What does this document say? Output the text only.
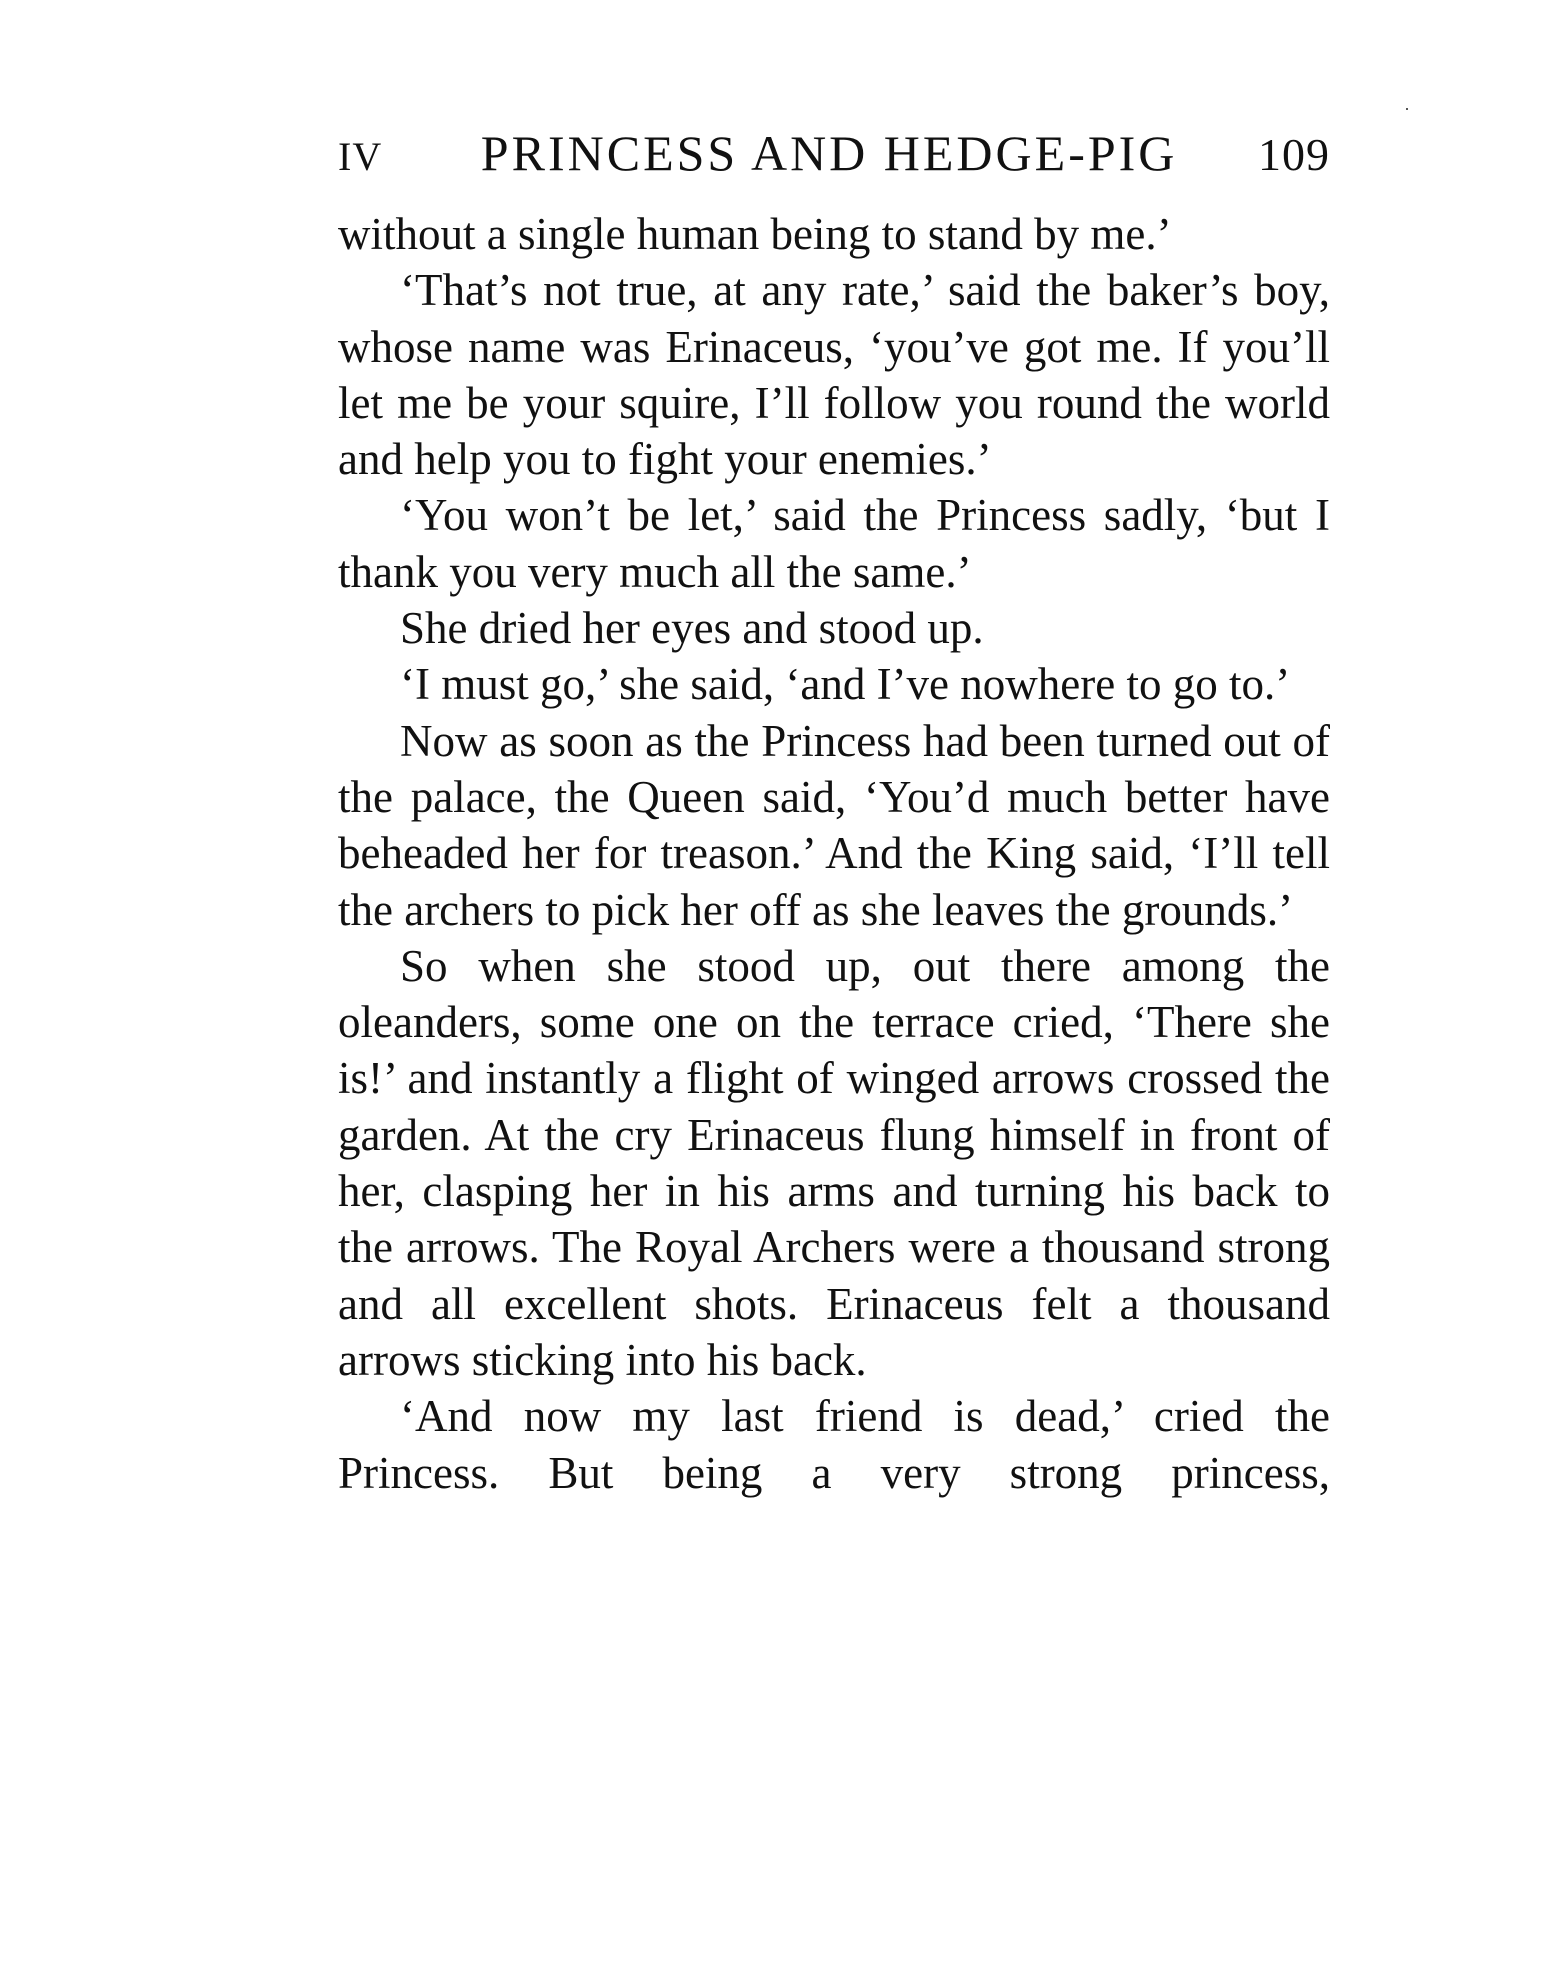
IV	PRINCESS AND HEDGE-PIG	109

without a single human being to stand by me.’

‘That’s not true, at any rate,’ said the baker’s boy, whose name was Erinaceus, ‘you’ve got me. If you’ll let me be your squire, I’ll follow you round the world and help you to fight your enemies.’

‘You won’t be let,’ said the Princess sadly, ‘but I thank you very much all the same.’

She dried her eyes and stood up.

‘I must go,’ she said, ‘and I’ve nowhere to go to.’

Now as soon as the Princess had been turned out of the palace, the Queen said, ‘You’d much better have beheaded her for treason.’ And the King said, ‘I’ll tell the archers to pick her off as she leaves the grounds.’

So when she stood up, out there among the oleanders, some one on the terrace cried, ‘There she is!’ and instantly a flight of winged arrows crossed the garden. At the cry Erinaceus flung himself in front of her, clasping her in his arms and turning his back to the arrows. The Royal Archers were a thousand strong and all excellent shots. Erinaceus felt a thousand arrows sticking into his back.

‘And now my last friend is dead,’ cried the Princess. But being a very strong princess,
